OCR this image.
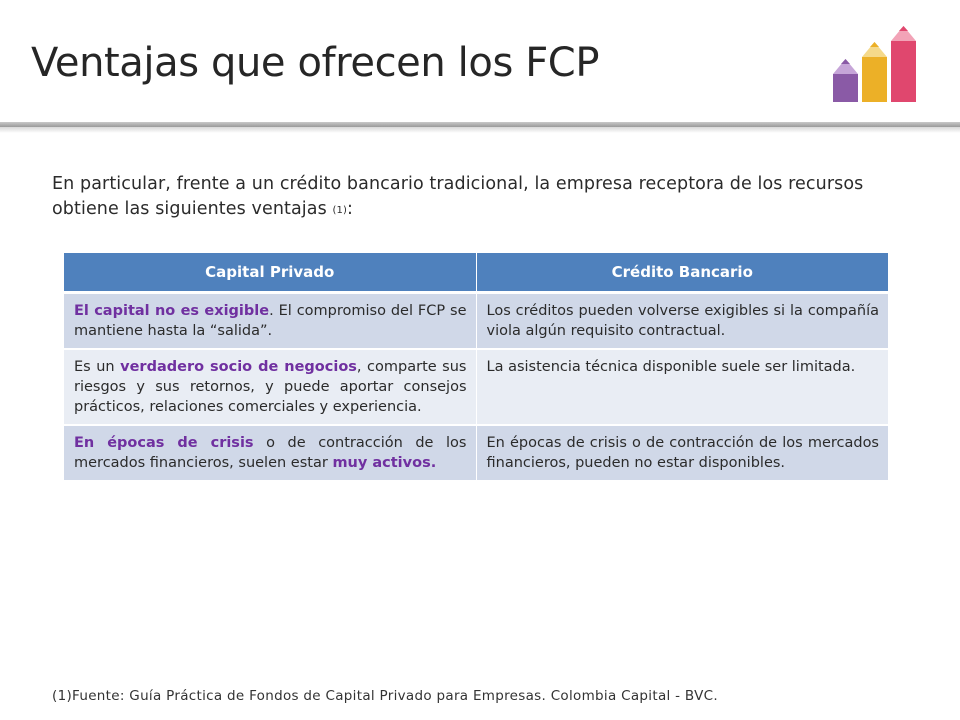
Ventajas que ofrecen los FCP

En particular, frente a un crédito bancario tradicional, la empresa receptora de los recursos obtiene las siguientes ventajas (1):

Capital Privado	Crédito Bancario
El capital no es exigible. El compromiso del FCP se mantiene hasta la “salida”.	Los créditos pueden volverse exigibles si la compañía viola algún requisito contractual.
Es un verdadero socio de negocios, comparte sus riesgos y sus retornos, y puede aportar consejos prácticos, relaciones comerciales y experiencia.	La asistencia técnica disponible suele ser limitada.
En épocas de crisis o de contracción de los mercados financieros, suelen estar muy activos.	En épocas de crisis o de contracción de los mercados financieros, pueden no estar disponibles.
(1)Fuente: Guía Práctica de Fondos de Capital Privado para Empresas. Colombia Capital - BVC.
